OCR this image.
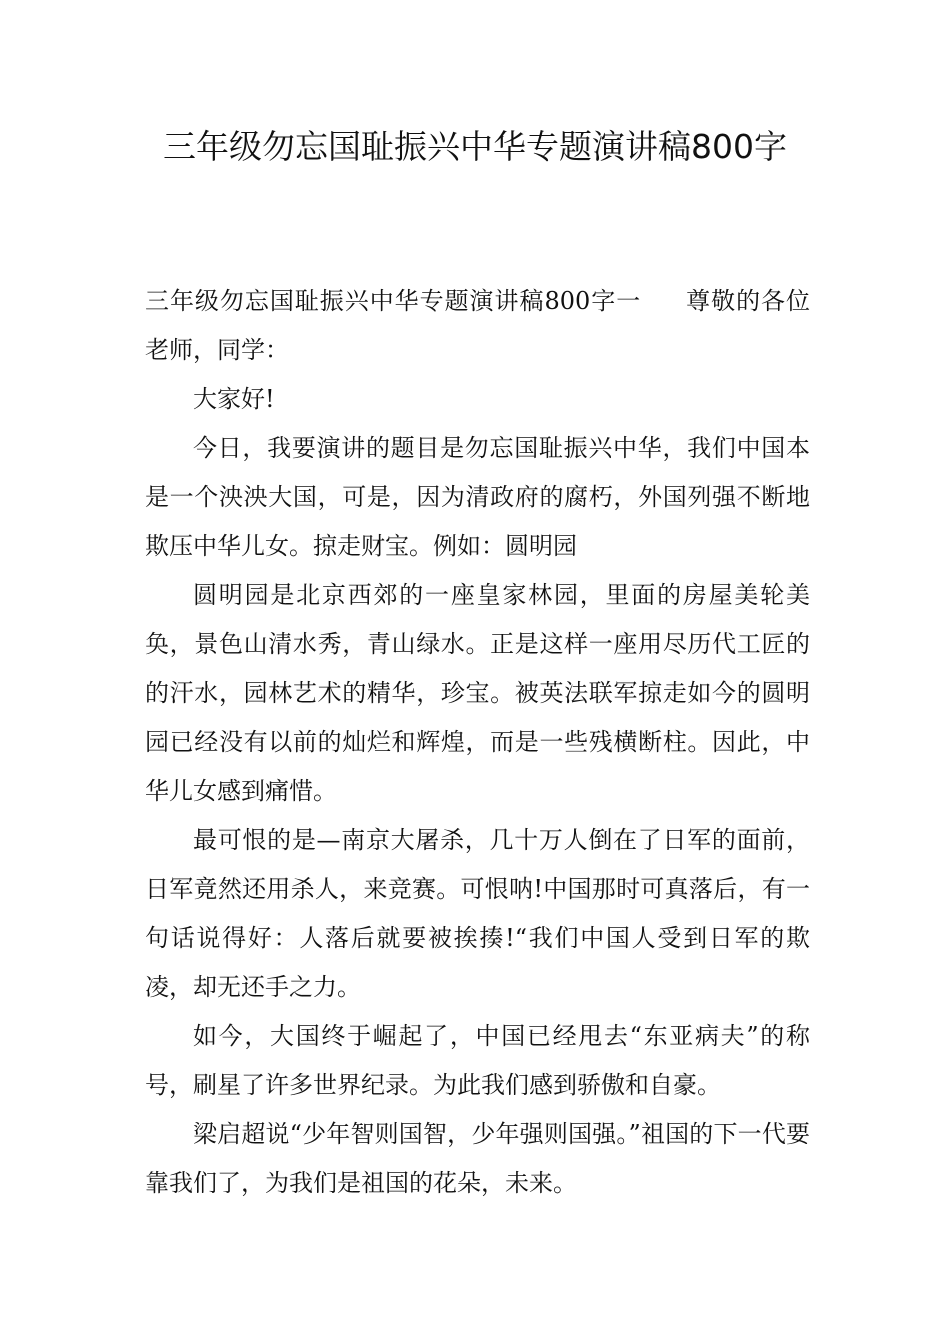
三年级勿忘国耻振兴中华专题演讲稿800字

三年级勿忘国耻振兴中华专题演讲稿800字一 尊敬的各位老师，同学：

大家好!

今日，我要演讲的题目是勿忘国耻振兴中华，我们中国本是一个泱泱大国，可是，因为清政府的腐朽，外国列强不断地欺压中华儿女。掠走财宝。例如：圆明园

圆明园是北京西郊的一座皇家林园，里面的房屋美轮美奂，景色山清水秀，青山绿水。正是这样一座用尽历代工匠的的汗水，园林艺术的精华，珍宝。被英法联军掠走如今的圆明园已经没有以前的灿烂和辉煌，而是一些残横断柱。因此，中华儿女感到痛惜。

最可恨的是—南京大屠杀，几十万人倒在了日军的面前，日军竟然还用杀人，来竞赛。可恨呐!中国那时可真落后，有一句话说得好：人落后就要被挨揍!“我们中国人受到日军的欺凌，却无还手之力。

如今，大国终于崛起了，中国已经甩去“东亚病夫”的称号，刷星了许多世界纪录。为此我们感到骄傲和自豪。

梁启超说“少年智则国智，少年强则国强。”祖国的下一代要靠我们了，为我们是祖国的花朵，未来。
